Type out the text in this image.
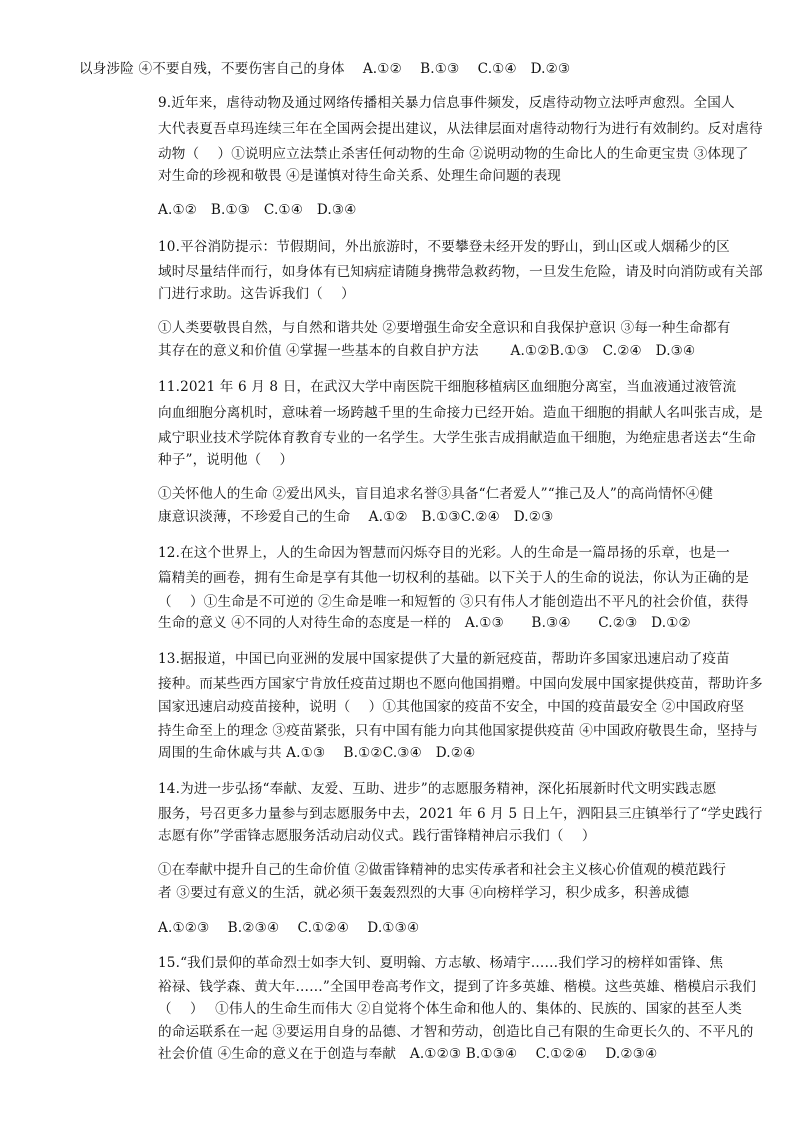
以身涉险 ④不要自残，不要伤害自己的身体　 A.①②　 B.①③　 C.①④　D.②③
9.近年来，虐待动物及通过网络传播相关暴力信息事件频发，反虐待动物立法呼声愈烈。全国人
大代表夏吾卓玛连续三年在全国两会提出建议，从法律层面对虐待动物行为进行有效制约。反对虐待
动物（　 ）①说明应立法禁止杀害任何动物的生命 ②说明动物的生命比人的生命更宝贵 ③体现了
对生命的珍视和敬畏 ④是谨慎对待生命关系、处理生命问题的表现
A.①②　B.①③　C.①④　D.③④
10.平谷消防提示：节假期间，外出旅游时，不要攀登未经开发的野山，到山区或人烟稀少的区
域时尽量结伴而行，如身体有已知病症请随身携带急救药物，一旦发生危险，请及时向消防或有关部
门进行求助。这告诉我们（　 ）
①人类要敬畏自然，与自然和谐共处 ②要增强生命安全意识和自我保护意识 ③每一种生命都有
其存在的意义和价值 ④掌握一些基本的自救自护方法　　 A.①②B.①③　C.②④　D.③④
11.2021 年 6 月 8 日，在武汉大学中南医院干细胞移植病区血细胞分离室，当血液通过液管流
向血细胞分离机时，意味着一场跨越千里的生命接力已经开始。造血干细胞的捐献人名叫张吉成，是
咸宁职业技术学院体育教育专业的一名学生。大学生张吉成捐献造血干细胞，为绝症患者送去“生命
种子”，说明他（　 ）
①关怀他人的生命 ②爱出风头，盲目追求名誉③具备“仁者爱人”“推己及人”的高尚情怀④健
康意识淡薄，不珍爱自己的生命　 A.①②　B.①③C.②④　D.②③
12.在这个世界上，人的生命因为智慧而闪烁夺目的光彩。人的生命是一篇昂扬的乐章，也是一
篇精美的画卷，拥有生命是享有其他一切权利的基础。以下关于人的生命的说法，你认为正确的是
（　 ）①生命是不可逆的 ②生命是唯一和短暂的 ③只有伟人才能创造出不平凡的社会价值，获得
生命的意义 ④不同的人对待生命的态度是一样的　A.①③　　B.③④　　C.②③　D.①②
13.据报道，中国已向亚洲的发展中国家提供了大量的新冠疫苗，帮助许多国家迅速启动了疫苗
接种。而某些西方国家宁肯放任疫苗过期也不愿向他国捐赠。中国向发展中国家提供疫苗，帮助许多
国家迅速启动疫苗接种，说明（　 ）①其他国家的疫苗不安全，中国的疫苗最安全 ②中国政府坚
持生命至上的理念 ③疫苗紧张，只有中国有能力向其他国家提供疫苗 ④中国政府敬畏生命，坚持与
周围的生命休戚与共 A.①③　 B.①②C.③④　D.②④
14.为进一步弘扬“奉献、友爱、互助、进步”的志愿服务精神，深化拓展新时代文明实践志愿
服务，号召更多力量参与到志愿服务中去，2021 年 6 月 5 日上午，泗阳县三庄镇举行了“学史践行
志愿有你”学雷锋志愿服务活动启动仪式。践行雷锋精神启示我们（　 ）
①在奉献中提升自己的生命价值 ②做雷锋精神的忠实传承者和社会主义核心价值观的模范践行
者 ③要过有意义的生活，就必须干轰轰烈烈的大事 ④向榜样学习，积少成多，积善成德
A.①②③　 B.②③④　 C.①②④　 D.①③④
15.“我们景仰的革命烈士如李大钊、夏明翰、方志敏、杨靖宇……我们学习的榜样如雷锋、焦
裕禄、钱学森、黄大年……”全国甲卷高考作文，提到了许多英雄、楷模。这些英雄、楷模启示我们
（　 ）　 ①伟人的生命生而伟大 ②自觉将个体生命和他人的、集体的、民族的、国家的甚至人类
的命运联系在一起 ③要运用自身的品德、才智和劳动，创造比自己有限的生命更长久的、不平凡的
社会价值 ④生命的意义在于创造与奉献　A.①②③ B.①③④　 C.①②④　 D.②③④
